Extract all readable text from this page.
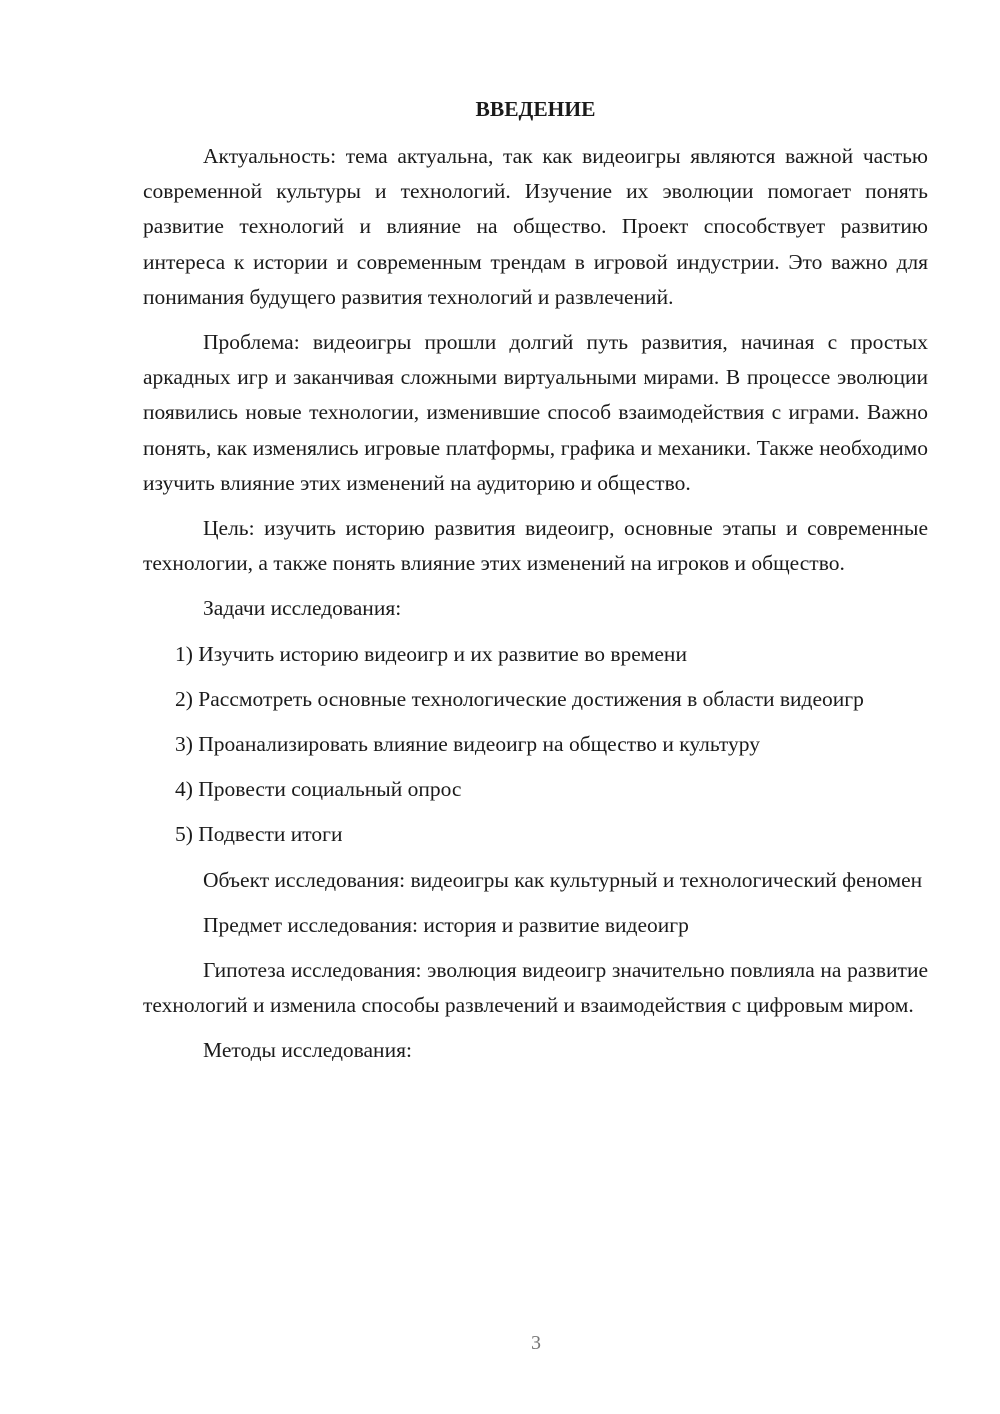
ВВЕДЕНИЕ

Актуальность: тема актуальна, так как видеоигры являются важной частью современной культуры и технологий. Изучение их эволюции помогает понять развитие технологий и влияние на общество. Проект способствует развитию интереса к истории и современным трендам в игровой индустрии. Это важно для понимания будущего развития технологий и развлечений.

Проблема: видеоигры прошли долгий путь развития, начиная с простых аркадных игр и заканчивая сложными виртуальными мирами. В процессе эволюции появились новые технологии, изменившие способ взаимодействия с играми. Важно понять, как изменялись игровые платформы, графика и механики. Также необходимо изучить влияние этих изменений на аудиторию и общество.

Цель: изучить историю развития видеоигр, основные этапы и современные технологии, а также понять влияние этих изменений на игроков и общество.

Задачи исследования:

1) Изучить историю видеоигр и их развитие во времени

2) Рассмотреть основные технологические достижения в области видеоигр

3) Проанализировать влияние видеоигр на общество и культуру

4) Провести социальный опрос

5) Подвести итоги

Объект исследования: видеоигры как культурный и технологический феномен

Предмет исследования: история и развитие видеоигр

Гипотеза исследования: эволюция видеоигр значительно повлияла на развитие технологий и изменила способы развлечений и взаимодействия с цифровым миром.

Методы исследования:

3
